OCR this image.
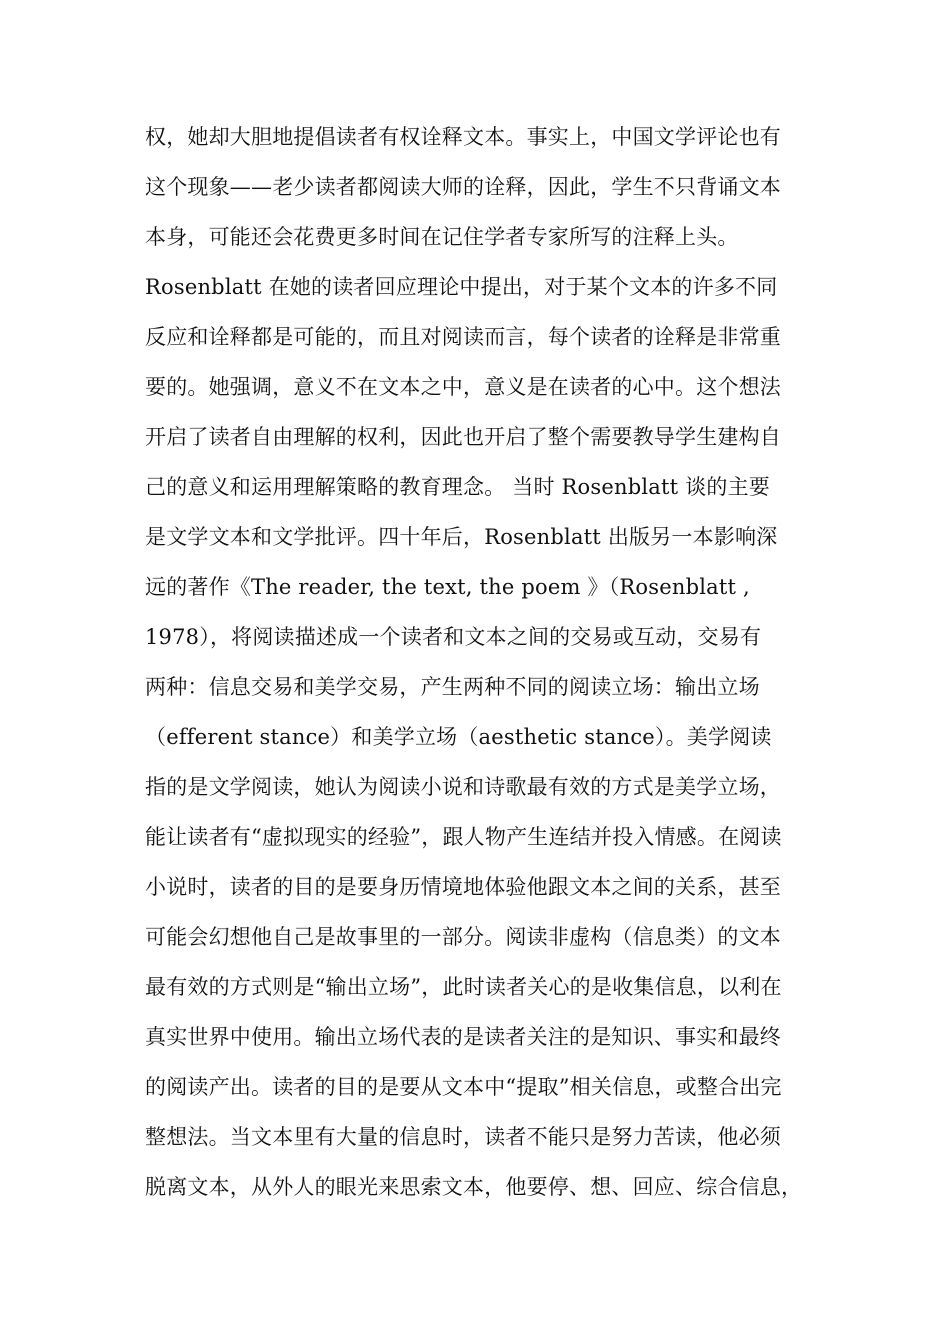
权，她却大胆地提倡读者有权诠释文本。事实上，中国文学评论也有
这个现象——老少读者都阅读大师的诠释，因此，学生不只背诵文本
本身，可能还会花费更多时间在记住学者专家所写的注释上头。
Rosenblatt 在她的读者回应理论中提出，对于某个文本的许多不同
反应和诠释都是可能的，而且对阅读而言，每个读者的诠释是非常重
要的。她强调，意义不在文本之中，意义是在读者的心中。这个想法
开启了读者自由理解的权利，因此也开启了整个需要教导学生建构自
己的意义和运用理解策略的教育理念。 当时 Rosenblatt 谈的主要
是文学文本和文学批评。四十年后，Rosenblatt 出版另一本影响深
远的著作《The reader, the text, the poem 》（Rosenblatt ,
1978），将阅读描述成一个读者和文本之间的交易或互动，交易有
两种：信息交易和美学交易，产生两种不同的阅读立场：输出立场
（efferent stance）和美学立场（aesthetic stance）。美学阅读
指的是文学阅读，她认为阅读小说和诗歌最有效的方式是美学立场，
能让读者有“虚拟现实的经验”，跟人物产生连结并投入情感。在阅读
小说时，读者的目的是要身历情境地体验他跟文本之间的关系，甚至
可能会幻想他自己是故事里的一部分。阅读非虚构（信息类）的文本
最有效的方式则是“输出立场”，此时读者关心的是收集信息，以利在
真实世界中使用。输出立场代表的是读者关注的是知识、事实和最终
的阅读产出。读者的目的是要从文本中“提取”相关信息，或整合出完
整想法。当文本里有大量的信息时，读者不能只是努力苦读，他必须
脱离文本，从外人的眼光来思索文本，他要停、想、回应、综合信息，
